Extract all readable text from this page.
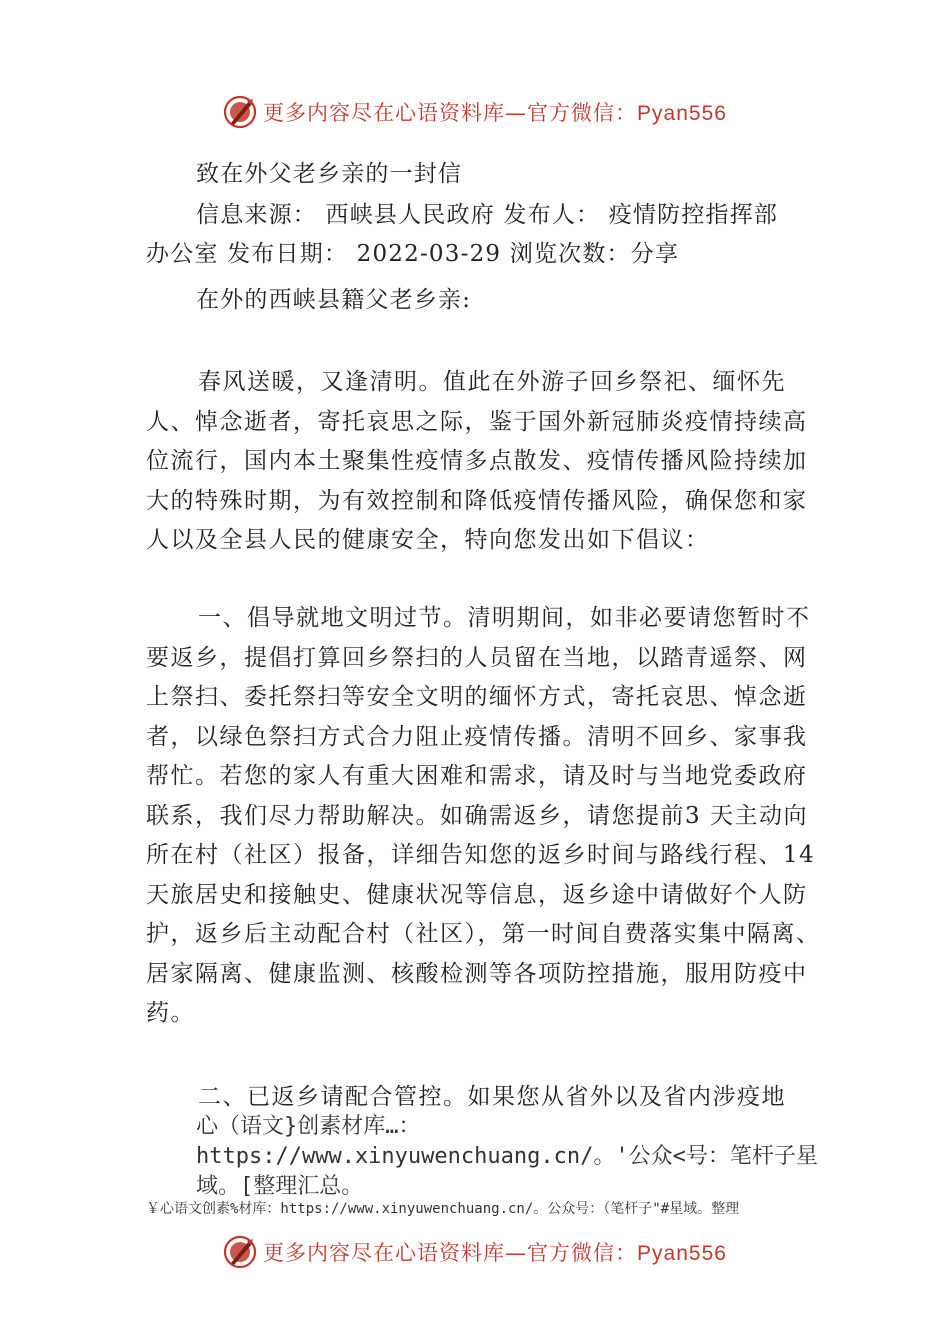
更多内容尽在心语资料库—官方微信：Pyan556
致在外父老乡亲的一封信
信息来源： 西峡县人民政府 发布人： 疫情防控指挥部
办公室 发布日期： 2022-03-29 浏览次数：分享
在外的西峡县籍父老乡亲:
春风送暖，又逢清明。值此在外游子回乡祭祀、缅怀先人、悼念逝者，寄托哀思之际，鉴于国外新冠肺炎疫情持续高位流行，国内本土聚集性疫情多点散发、疫情传播风险持续加大的特殊时期，为有效控制和降低疫情传播风险，确保您和家人以及全县人民的健康安全，特向您发出如下倡议：
一、倡导就地文明过节。清明期间，如非必要请您暂时不要返乡，提倡打算回乡祭扫的人员留在当地，以踏青遥祭、网上祭扫、委托祭扫等安全文明的缅怀方式，寄托哀思、悼念逝者，以绿色祭扫方式合力阻止疫情传播。清明不回乡、家事我帮忙。若您的家人有重大困难和需求，请及时与当地党委政府联系，我们尽力帮助解决。如确需返乡，请您提前3 天主动向所在村（社区）报备，详细告知您的返乡时间与路线行程、14 天旅居史和接触史、健康状况等信息，返乡途中请做好个人防护，返乡后主动配合村（社区），第一时间自费落实集中隔离、居家隔离、健康监测、核酸检测等各项防控措施，服用防疫中药。
二、已返乡请配合管控。如果您从省外以及省内涉疫地
心（语文}创素材库…：https://www.xinyuwenchuang.cn/。'公众<号：笔杆子星域。[整理汇总。
￥心语文创素%材库：https://www.xinyuwenchuang.cn/。公众号：（笔杆子"#星域。整理
更多内容尽在心语资料库—官方微信：Pyan556
